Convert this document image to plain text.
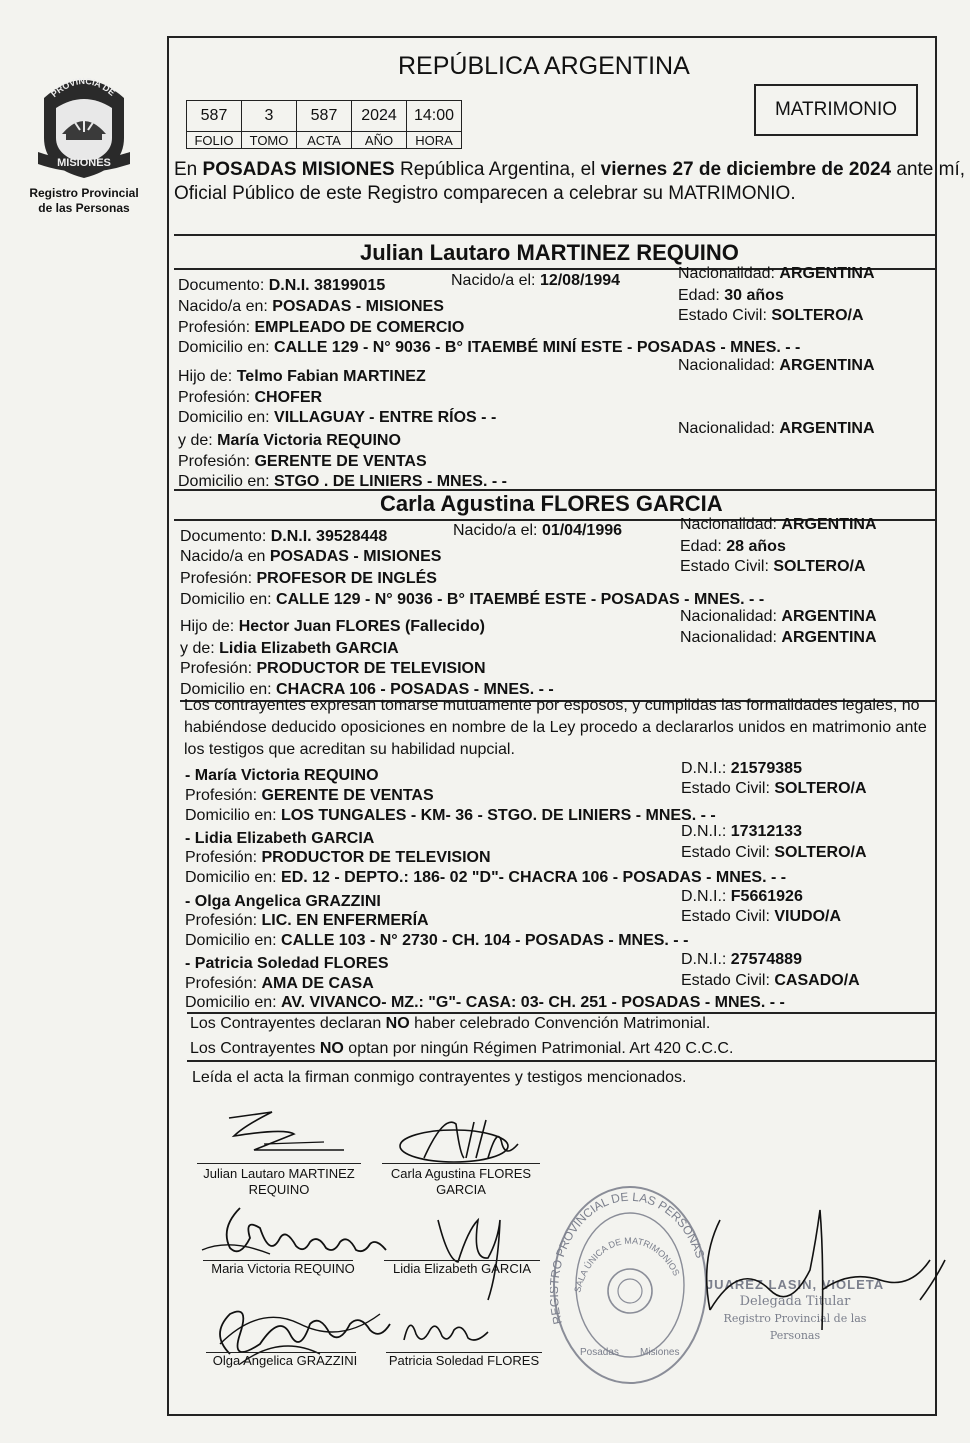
PROVINCIA DE
MISIONES
Registro Provincial
de las Personas
REPÚBLICA ARGENTINA
587	3	587	2024	14:00
FOLIO	TOMO	ACTA	AÑO	HORA
MATRIMONIO
En POSADAS MISIONES República Argentina, el viernes 27 de diciembre de 2024 ante mí,
Oficial Público de este Registro comparecen a celebrar su MATRIMONIO.
Julian Lautaro MARTINEZ REQUINO
Documento: D.N.I. 38199015	Nacido/a el: 12/08/1994	Nacionalidad: ARGENTINA
Edad: 30 años
Nacido/a en: POSADAS - MISIONES
Estado Civil: SOLTERO/A
Profesión: EMPLEADO DE COMERCIO
Domicilio en: CALLE 129 - N° 9036 - B° ITAEMBÉ MINÍ ESTE - POSADAS - MNES. - -
Hijo de: Telmo Fabian MARTINEZ
Nacionalidad: ARGENTINA
Profesión: CHOFER
Domicilio en: VILLAGUAY - ENTRE RÍOS - -
y de: María Victoria REQUINO
Nacionalidad: ARGENTINA
Profesión: GERENTE DE VENTAS
Domicilio en: STGO . DE LINIERS - MNES. - -
Carla Agustina FLORES GARCIA
Documento: D.N.I. 39528448	Nacido/a el: 01/04/1996	Nacionalidad: ARGENTINA
Edad: 28 años
Nacido/a en POSADAS - MISIONES
Estado Civil: SOLTERO/A
Profesión: PROFESOR DE INGLÉS
Domicilio en: CALLE 129 - N° 9036 - B° ITAEMBÉ ESTE - POSADAS - MNES. - -
Hijo de: Hector Juan FLORES (Fallecido)
Nacionalidad: ARGENTINA
y de: Lidia Elizabeth GARCIA
Nacionalidad: ARGENTINA
Profesión: PRODUCTOR DE TELEVISION
Domicilio en: CHACRA 106 - POSADAS - MNES. - -
Los contrayentes expresan tomarse mutuamente por esposos, y cumplidas las formalidades legales, no
habiéndose deducido oposiciones en nombre de la Ley procedo a declararlos unidos en matrimonio ante
los testigos que acreditan su habilidad nupcial.
- María Victoria REQUINO	D.N.I.: 21579385
Profesión: GERENTE DE VENTAS	Estado Civil: SOLTERO/A
Domicilio en: LOS TUNGALES - KM- 36 - STGO. DE LINIERS - MNES. - -
- Lidia Elizabeth GARCIA	D.N.I.: 17312133
Profesión: PRODUCTOR DE TELEVISION	Estado Civil: SOLTERO/A
Domicilio en: ED. 12 - DEPTO.: 186- 02 "D"- CHACRA 106 - POSADAS - MNES. - -
- Olga Angelica GRAZZINI	D.N.I.: F5661926
Profesión: LIC. EN ENFERMERÍA	Estado Civil: VIUDO/A
Domicilio en: CALLE 103 - N° 2730 - CH. 104 - POSADAS - MNES. - -
- Patricia Soledad FLORES	D.N.I.: 27574889
Profesión: AMA DE CASA	Estado Civil: CASADO/A
Domicilio en: AV. VIVANCO- MZ.: "G"- CASA: 03- CH. 251 - POSADAS - MNES. - -
Los Contrayentes declaran NO haber celebrado Convención Matrimonial.
Los Contrayentes NO optan por ningún Régimen Patrimonial. Art 420 C.C.C.
Leída el acta la firman conmigo contrayentes y testigos mencionados.
Julian Lautaro MARTINEZ
REQUINO
Carla Agustina FLORES
GARCIA
Maria Victoria REQUINO	Lidia Elizabeth GARCIA
Olga Angelica GRAZZINI	Patricia Soledad FLORES
R O PROVINCIAL DE LAS PERSONAS
SALA ÚNICA DE MATRIMONIOS
Posadas Misiones
JUAREZ LASIN, VIOLETA
Delegada Titular
Registro Provincial de las Personas
